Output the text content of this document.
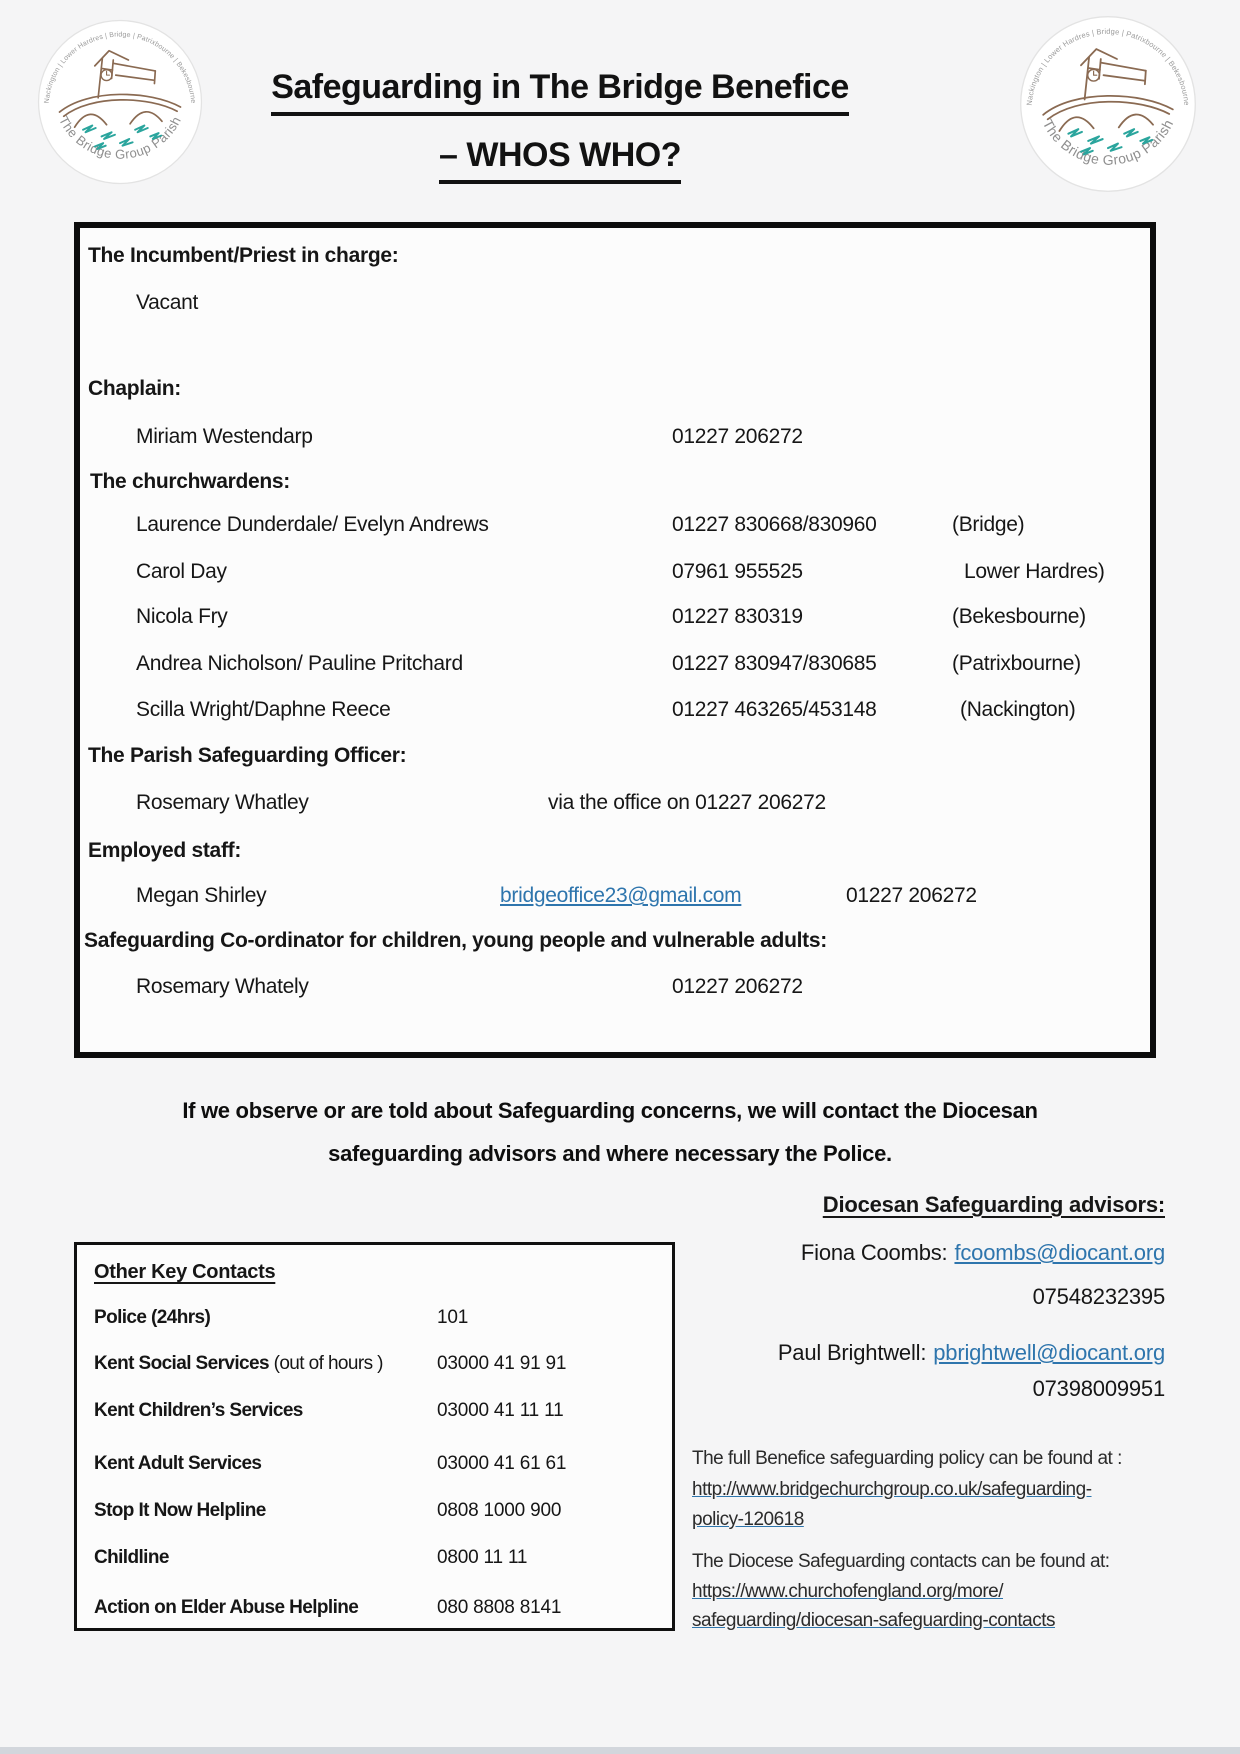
Nackington | Lower Hardres | Bridge | Patrixbourne | Bekesbourne
The Bridge Group Parish
Safeguarding in The Bridge Benefice
– WHOS WHO?
Nackington | Lower Hardres | Bridge | Patrixbourne | Bekesbourne
The Bridge Group Parish
The Incumbent/Priest in charge:
Vacant
Chaplain:
Miriam Westendarp	01227 206272
The churchwardens:
Laurence Dunderdale/ Evelyn Andrews	01227 830668/830960	(Bridge)
Carol Day	07961 955525	Lower Hardres)
Nicola Fry	01227 830319	(Bekesbourne)
Andrea Nicholson/ Pauline Pritchard	01227 830947/830685	(Patrixbourne)
Scilla Wright/Daphne Reece	01227 463265/453148	(Nackington)
The Parish Safeguarding Officer:
Rosemary Whatley	via the office on 01227 206272
Employed staff:
Megan Shirley	bridgeoffice23@gmail.com	01227 206272
Safeguarding Co-ordinator for children, young people and vulnerable adults:
Rosemary Whately	01227 206272
If we observe or are told about Safeguarding concerns, we will contact the Diocesan
safeguarding advisors and where necessary the Police.
Diocesan Safeguarding advisors:
Fiona Coombs: fcoombs@diocant.org
07548232395
Paul Brightwell: pbrightwell@diocant.org
07398009951
Other Key Contacts
Police (24hrs)	101
Kent Social Services (out of hours )	03000 41 91 91
Kent Children’s Services	03000 41 11 11
Kent Adult Services	03000 41 61 61
Stop It Now Helpline	0808 1000 900
Childline	0800 11 11
Action on Elder Abuse Helpline	080 8808 8141
The full Benefice safeguarding policy can be found at :
http://www.bridgechurchgroup.co.uk/safeguarding-
policy-120618
The Diocese Safeguarding contacts can be found at:
https://www.churchofengland.org/more/
safeguarding/diocesan-safeguarding-contacts
